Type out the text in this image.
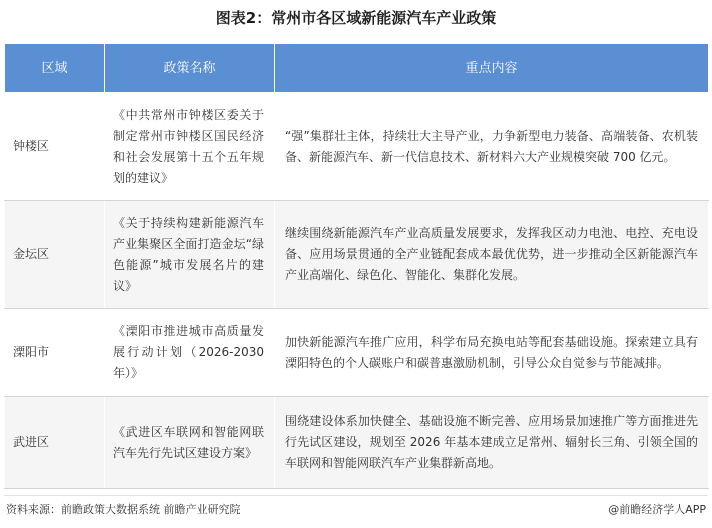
图表2：常州市各区域新能源汽车产业政策
区域	政策名称	重点内容
钟楼区	《中共常州市钟楼区委关于制定常州市钟楼区国民经济和社会发展第十五个五年规划的建议》	“强”集群壮主体，持续壮大主导产业，力争新型电力装备、高端装备、农机装备、新能源汽车、新一代信息技术、新材料六大产业规模突破 700 亿元。
金坛区	《关于持续构建新能源汽车产业集聚区全面打造金坛“绿色能源”城市发展名片的建议》	继续围绕新能源汽车产业高质量发展要求，发挥我区动力电池、电控、充电设备、应用场景贯通的全产业链配套成本最优优势，进一步推动全区新能源汽车产业高端化、绿色化、智能化、集群化发展。
溧阳市	《溧阳市推进城市高质量发展行动计划（2026-2030年）》	加快新能源汽车推广应用，科学布局充换电站等配套基础设施。探索建立具有溧阳特色的个人碳账户和碳普惠激励机制，引导公众自觉参与节能减排。
武进区	《武进区车联网和智能网联汽车先行先试区建设方案》	围绕建设体系加快健全、基础设施不断完善、应用场景加速推广等方面推进先行先试区建设，规划至 2026 年基本建成立足常州、辐射长三角、引领全国的车联网和智能网联汽车产业集群新高地。
资料来源：前瞻政策大数据系统 前瞻产业研究院	@前瞻经济学人APP
